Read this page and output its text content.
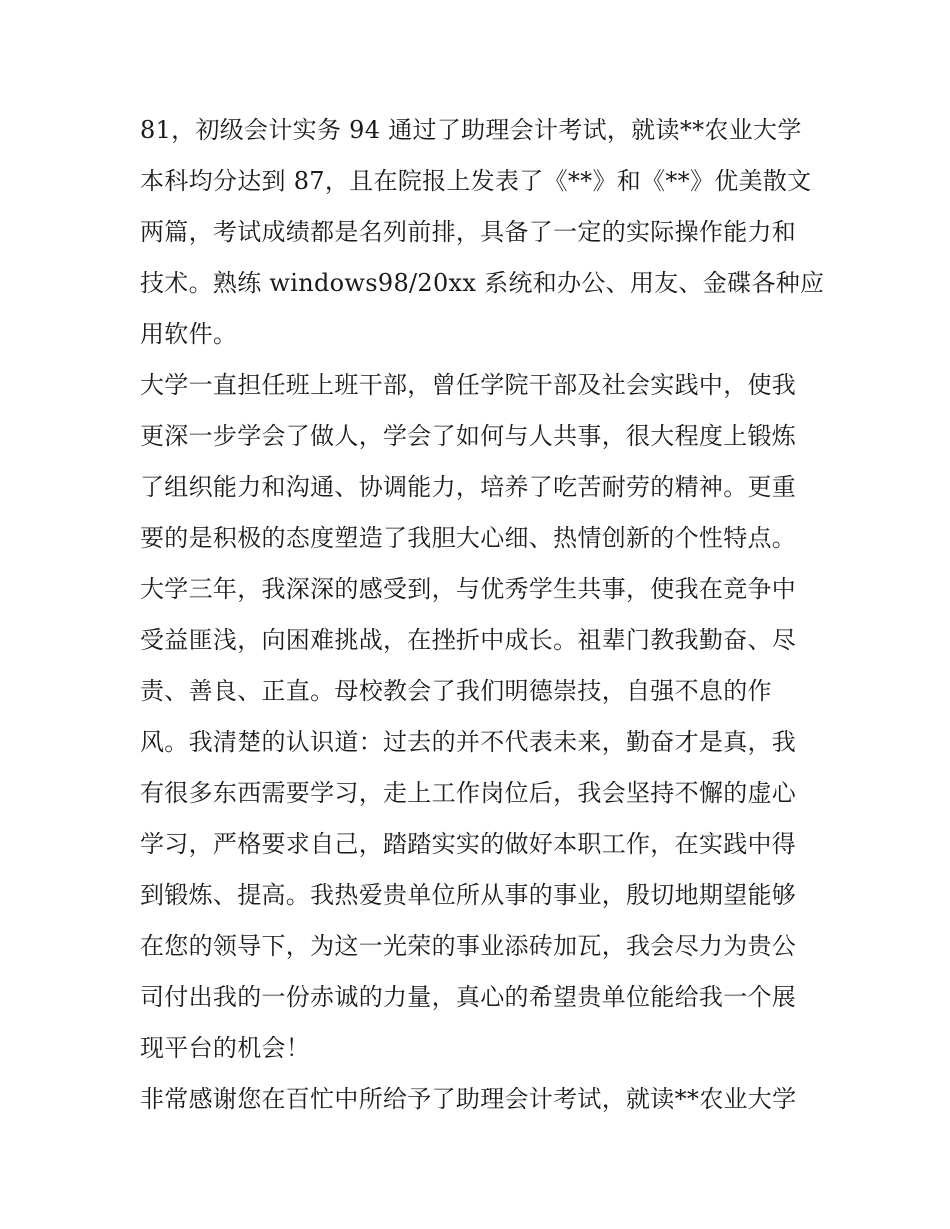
81，初级会计实务 94 通过了助理会计考试，就读**农业大学
本科均分达到 87，且在院报上发表了《**》和《**》优美散文
两篇，考试成绩都是名列前排，具备了一定的实际操作能力和
技术。熟练 windows98/20xx 系统和办公、用友、金碟各种应
用软件。
大学一直担任班上班干部，曾任学院干部及社会实践中，使我
更深一步学会了做人，学会了如何与人共事，很大程度上锻炼
了组织能力和沟通、协调能力，培养了吃苦耐劳的精神。更重
要的是积极的态度塑造了我胆大心细、热情创新的个性特点。
大学三年，我深深的感受到，与优秀学生共事，使我在竞争中
受益匪浅，向困难挑战，在挫折中成长。祖辈门教我勤奋、尽
责、善良、正直。母校教会了我们明德崇技，自强不息的作
风。我清楚的认识道：过去的并不代表未来，勤奋才是真，我
有很多东西需要学习，走上工作岗位后，我会坚持不懈的虚心
学习，严格要求自己，踏踏实实的做好本职工作，在实践中得
到锻炼、提高。我热爱贵单位所从事的事业，殷切地期望能够
在您的领导下，为这一光荣的事业添砖加瓦，我会尽力为贵公
司付出我的一份赤诚的力量，真心的希望贵单位能给我一个展
现平台的机会！
非常感谢您在百忙中所给予了助理会计考试，就读**农业大学
